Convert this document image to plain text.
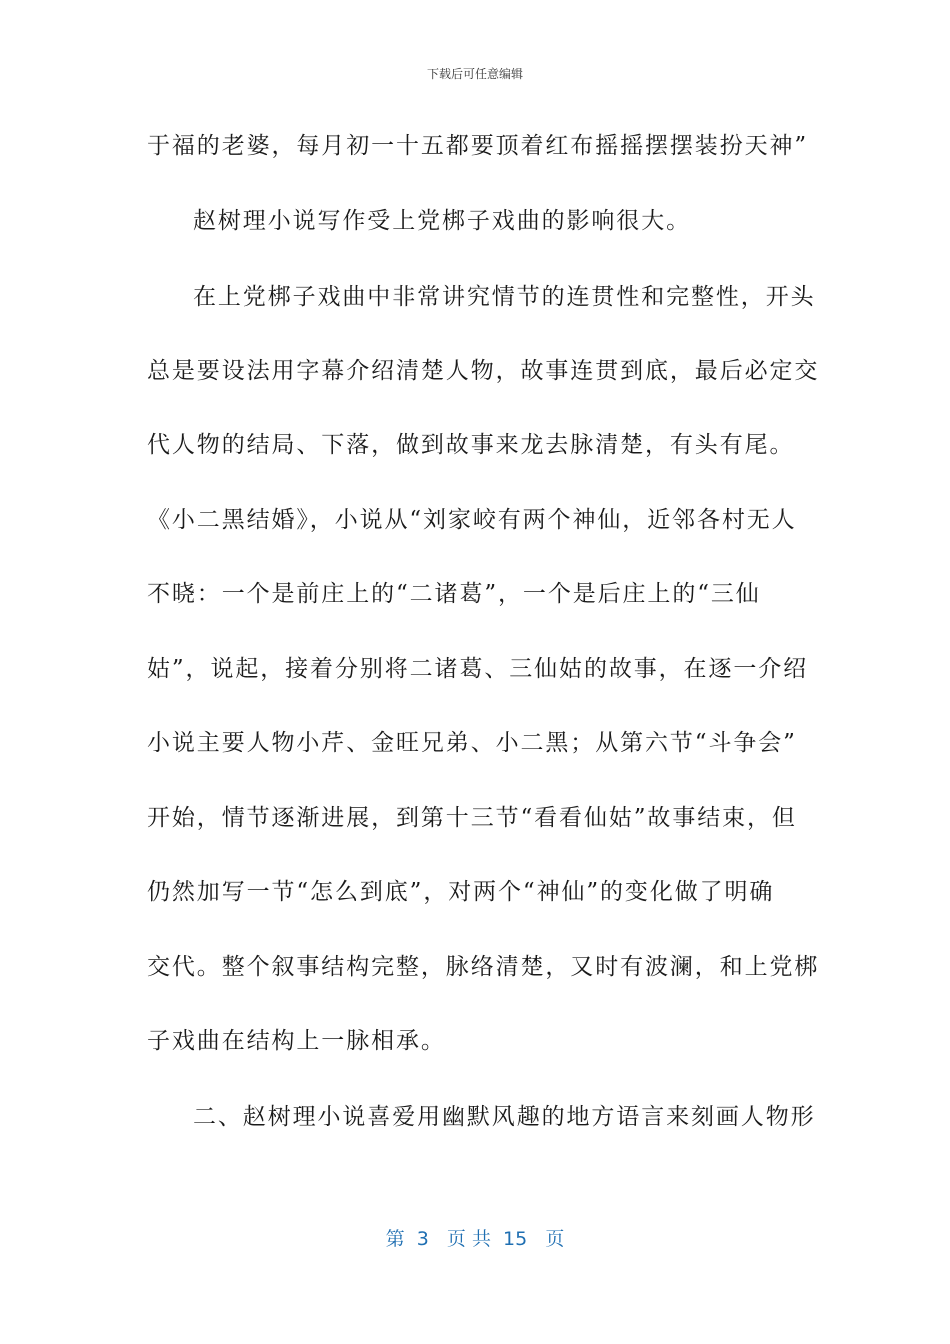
下载后可任意编辑
于福的老婆，每月初一十五都要顶着红布摇摇摆摆装扮天神”
赵树理小说写作受上党梆子戏曲的影响很大。
在上党梆子戏曲中非常讲究情节的连贯性和完整性，开头
总是要设法用字幕介绍清楚人物，故事连贯到底，最后必定交
代人物的结局、下落，做到故事来龙去脉清楚，有头有尾。
《小二黑结婚》，小说从“刘家峧有两个神仙，近邻各村无人
不晓：一个是前庄上的“二诸葛”，一个是后庄上的“三仙
姑”，说起，接着分别将二诸葛、三仙姑的故事，在逐一介绍
小说主要人物小芹、金旺兄弟、小二黑；从第六节“斗争会”
开始，情节逐渐进展，到第十三节“看看仙姑”故事结束，但
仍然加写一节“怎么到底”，对两个“神仙”的变化做了明确
交代。整个叙事结构完整，脉络清楚，又时有波澜，和上党梆
子戏曲在结构上一脉相承。
二、赵树理小说喜爱用幽默风趣的地方语言来刻画人物形
第  3   页 共  15   页
